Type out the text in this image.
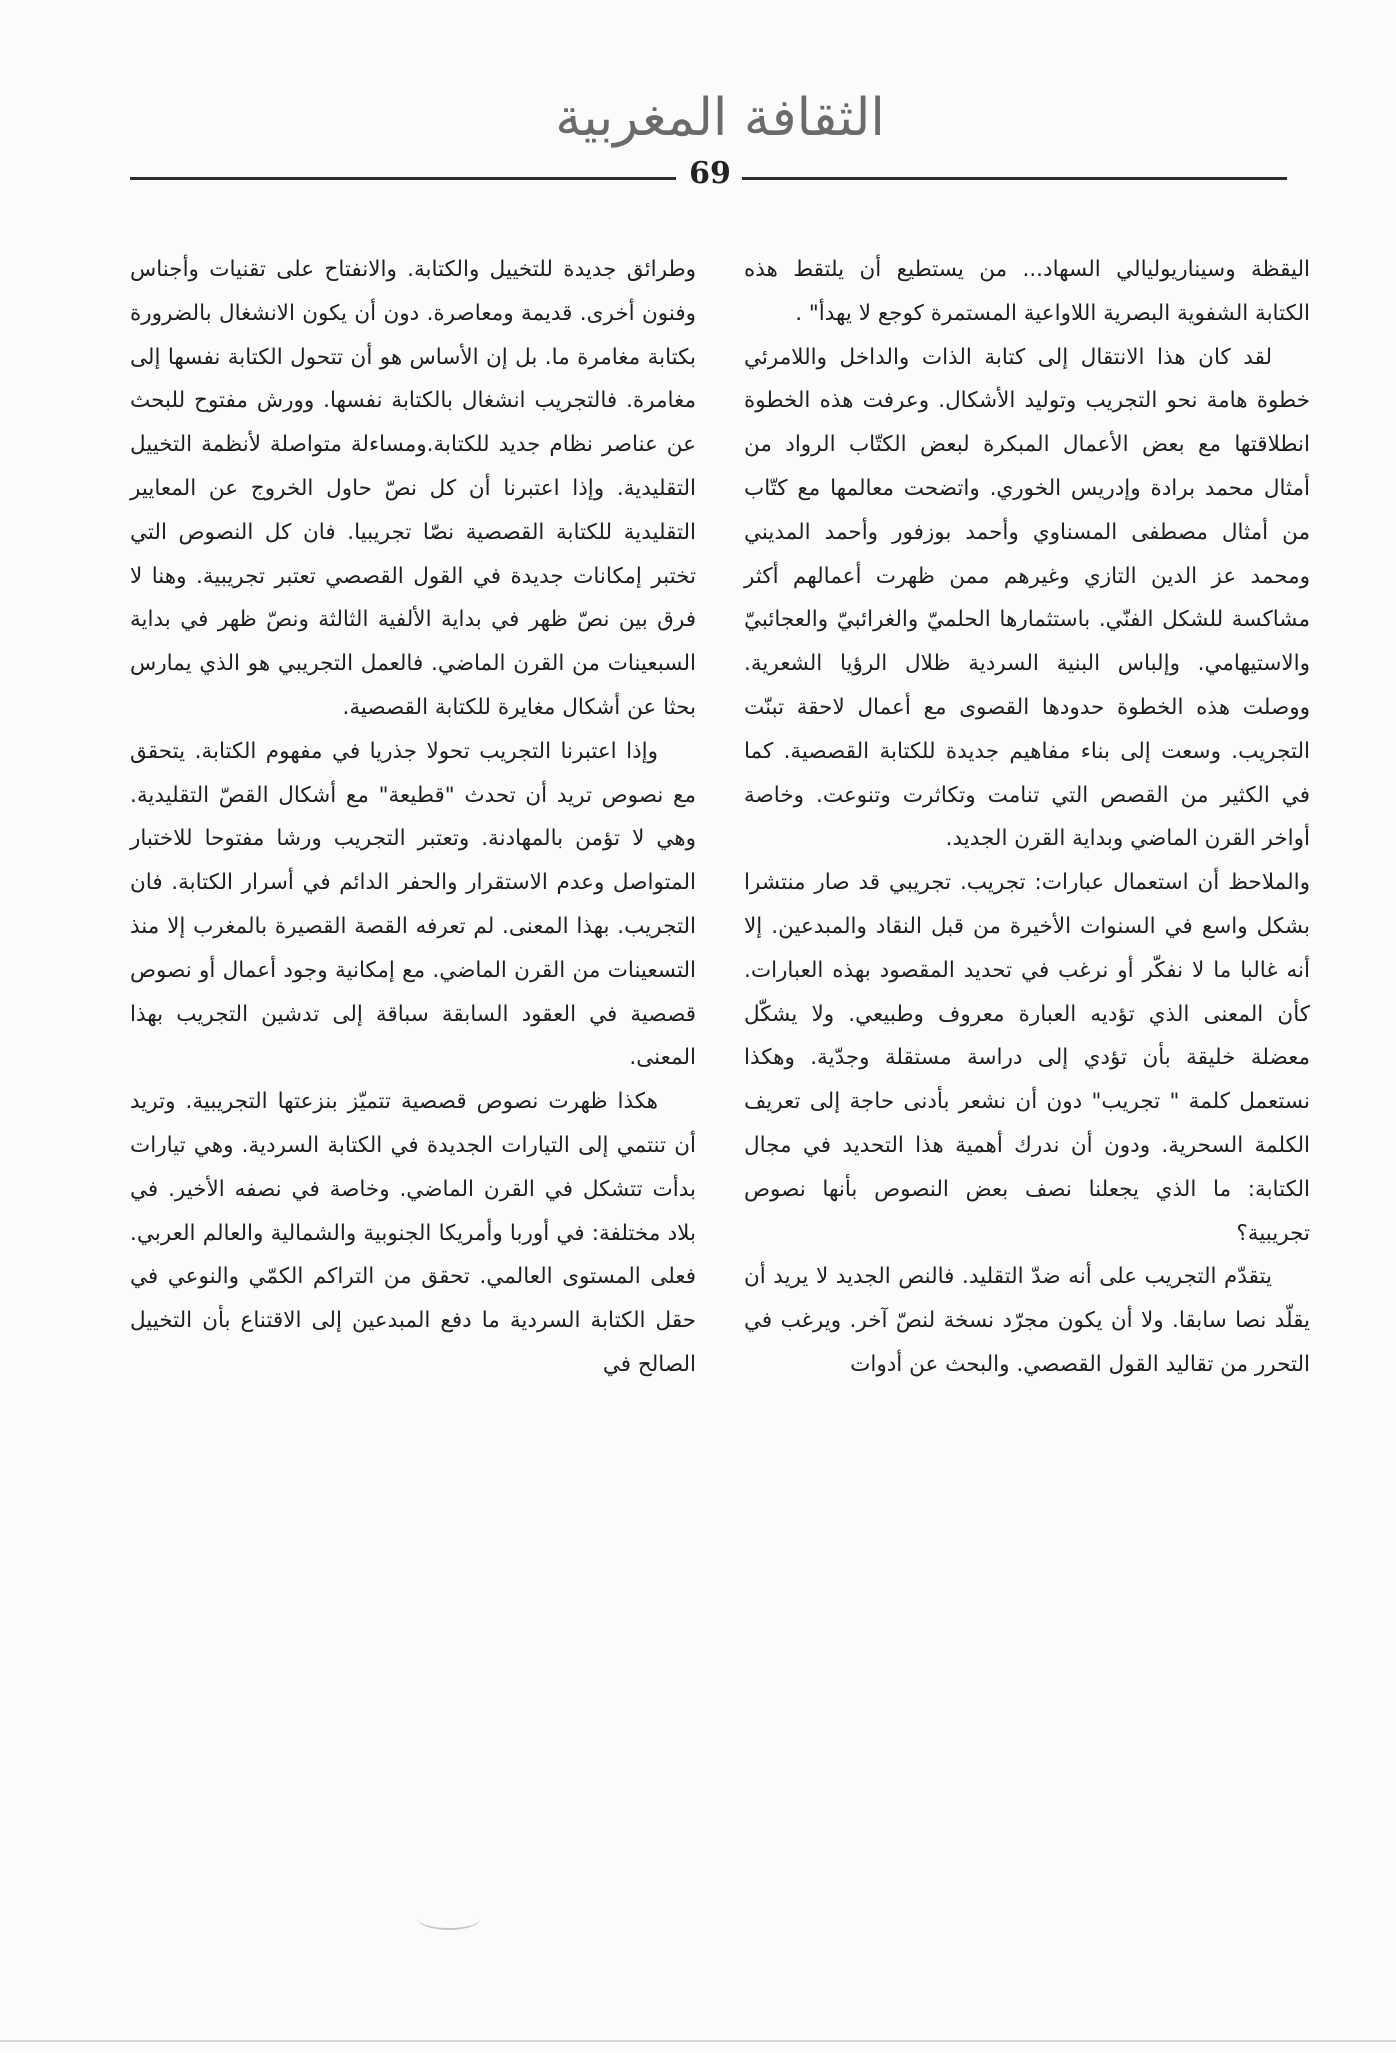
الثقافة المغربية
69

اليقظة وسيناريوليالي السهاد... من يستطيع أن يلتقط هذه الكتابة الشفوية البصرية اللاواعية المستمرة كوجع لا يهدأ" .

لقد كان هذا الانتقال إلى كتابة الذات والداخل واللامرئي خطوة هامة نحو التجريب وتوليد الأشكال. وعرفت هذه الخطوة انطلاقتها مع بعض الأعمال المبكرة لبعض الكتّاب الرواد من أمثال محمد برادة وإدريس الخوري. واتضحت معالمها مع كتّاب من أمثال مصطفى المسناوي وأحمد بوزفور وأحمد المديني ومحمد عز الدين التازي وغيرهم ممن ظهرت أعمالهم أكثر مشاكسة للشكل الفنّي. باستثمارها الحلميّ والغرائبيّ والعجائبيّ والاستيهامي. وإلباس البنية السردية ظلال الرؤيا الشعرية. ووصلت هذه الخطوة حدودها القصوى مع أعمال لاحقة تبنّت التجريب. وسعت إلى بناء مفاهيم جديدة للكتابة القصصية. كما في الكثير من القصص التي تنامت وتكاثرت وتنوعت. وخاصة أواخر القرن الماضي وبداية القرن الجديد.

والملاحظ أن استعمال عبارات: تجريب. تجريبي قد صار منتشرا بشكل واسع في السنوات الأخيرة من قبل النقاد والمبدعين. إلا أنه غالبا ما لا نفكّر أو نرغب في تحديد المقصود بهذه العبارات. كأن المعنى الذي تؤديه العبارة معروف وطبيعي. ولا يشكّل معضلة خليقة بأن تؤدي إلى دراسة مستقلة وجدّية. وهكذا نستعمل كلمة " تجريب" دون أن نشعر بأدنى حاجة إلى تعريف الكلمة السحرية. ودون أن ندرك أهمية هذا التحديد في مجال الكتابة: ما الذي يجعلنا نصف بعض النصوص بأنها نصوص تجريبية؟

يتقدّم التجريب على أنه ضدّ التقليد. فالنص الجديد لا يريد أن يقلّد نصا سابقا. ولا أن يكون مجرّد نسخة لنصّ آخر. ويرغب في التحرر من تقاليد القول القصصي. والبحث عن أدوات

وطرائق جديدة للتخييل والكتابة. والانفتاح على تقنيات وأجناس وفنون أخرى. قديمة ومعاصرة. دون أن يكون الانشغال بالضرورة بكتابة مغامرة ما. بل إن الأساس هو أن تتحول الكتابة نفسها إلى مغامرة. فالتجريب انشغال بالكتابة نفسها. وورش مفتوح للبحث عن عناصر نظام جديد للكتابة.ومساءلة متواصلة لأنظمة التخييل التقليدية. وإذا اعتبرنا أن كل نصّ حاول الخروج عن المعايير التقليدية للكتابة القصصية نصّا تجريبيا. فان كل النصوص التي تختبر إمكانات جديدة في القول القصصي تعتبر تجريبية. وهنا لا فرق بين نصّ ظهر في بداية الألفية الثالثة ونصّ ظهر في بداية السبعينات من القرن الماضي. فالعمل التجريبي هو الذي يمارس بحثا عن أشكال مغايرة للكتابة القصصية.

وإذا اعتبرنا التجريب تحولا جذريا في مفهوم الكتابة. يتحقق مع نصوص تريد أن تحدث "قطيعة" مع أشكال القصّ التقليدية. وهي لا تؤمن بالمهادنة. وتعتبر التجريب ورشا مفتوحا للاختبار المتواصل وعدم الاستقرار والحفر الدائم في أسرار الكتابة. فان التجريب. بهذا المعنى. لم تعرفه القصة القصيرة بالمغرب إلا منذ التسعينات من القرن الماضي. مع إمكانية وجود أعمال أو نصوص قصصية في العقود السابقة سباقة إلى تدشين التجريب بهذا المعنى.

هكذا ظهرت نصوص قصصية تتميّز بنزعتها التجريبية. وتريد أن تنتمي إلى التيارات الجديدة في الكتابة السردية. وهي تيارات بدأت تتشكل في القرن الماضي. وخاصة في نصفه الأخير. في بلاد مختلفة: في أوربا وأمريكا الجنوبية والشمالية والعالم العربي. فعلى المستوى العالمي. تحقق من التراكم الكمّي والنوعي في حقل الكتابة السردية ما دفع المبدعين إلى الاقتناع بأن التخييل الصالح في
